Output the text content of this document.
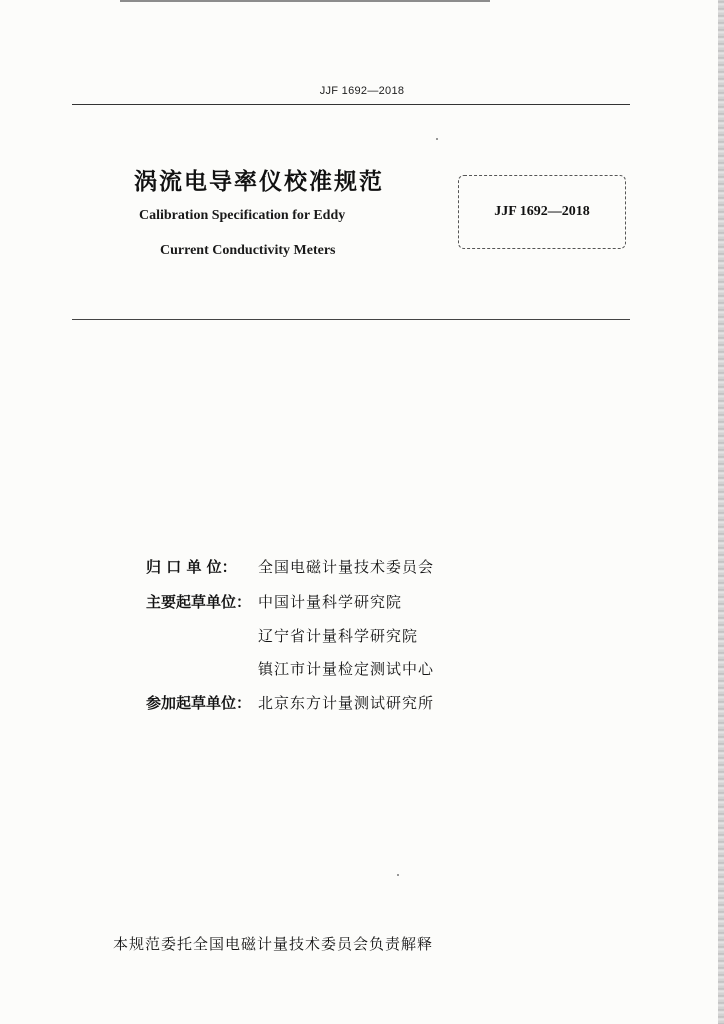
JJF 1692—2018
涡流电导率仪校准规范
Calibration Specification for Eddy
Current Conductivity Meters
JJF 1692—2018
归 口 单 位： 全国电磁计量技术委员会
主要起草单位： 中国计量科学研究院
辽宁省计量科学研究院
镇江市计量检定测试中心
参加起草单位： 北京东方计量测试研究所
本规范委托全国电磁计量技术委员会负责解释
